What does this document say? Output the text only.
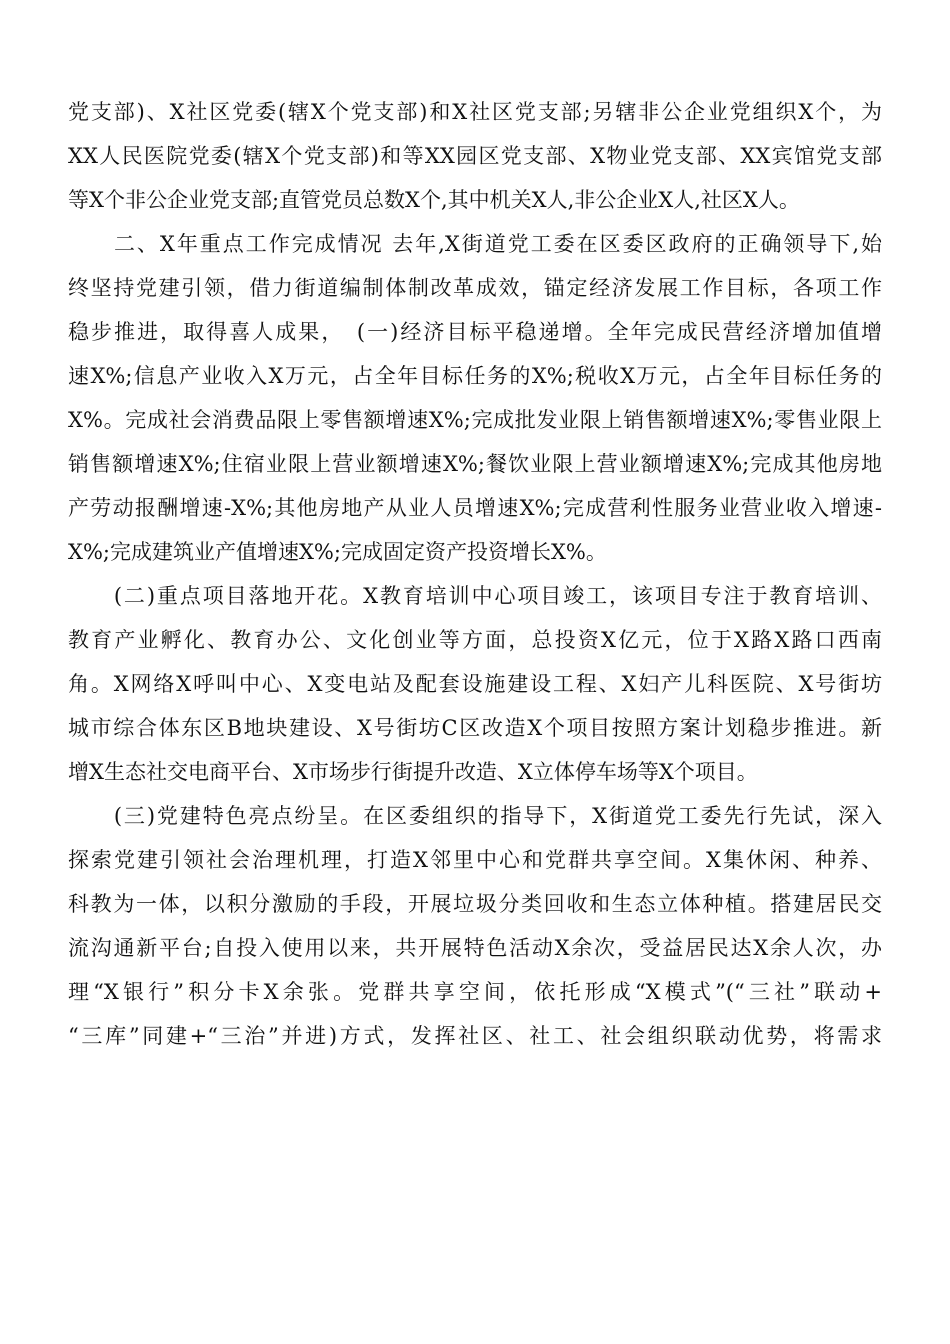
党支部)、X社区党委(辖X个党支部)和X社区党支部;另辖非公企业党组织X个，为
XX人民医院党委(辖X个党支部)和等XX园区党支部、X物业党支部、XX宾馆党支部
等X个非公企业党支部;直管党员总数X个,其中机关X人,非公企业X人,社区X人。
　　二、X年重点工作完成情况 去年,X街道党工委在区委区政府的正确领导下,始
终坚持党建引领，借力街道编制体制改革成效，锚定经济发展工作目标，各项工作
稳步推进，取得喜人成果，　(一)经济目标平稳递增。全年完成民营经济增加值增
速X%;信息产业收入X万元，占全年目标任务的X%;税收X万元，占全年目标任务的
X%。完成社会消费品限上零售额增速X%;完成批发业限上销售额增速X%;零售业限上
销售额增速X%;住宿业限上营业额增速X%;餐饮业限上营业额增速X%;完成其他房地
产劳动报酬增速-X%;其他房地产从业人员增速X%;完成营利性服务业营业收入增速-
X%;完成建筑业产值增速X%;完成固定资产投资增长X%。
　　(二)重点项目落地开花。X教育培训中心项目竣工，该项目专注于教育培训、
教育产业孵化、教育办公、文化创业等方面，总投资X亿元，位于X路X路口西南
角。X网络X呼叫中心、X变电站及配套设施建设工程、X妇产儿科医院、X号街坊
城市综合体东区B地块建设、X号街坊C区改造X个项目按照方案计划稳步推进。新
增X生态社交电商平台、X市场步行街提升改造、X立体停车场等X个项目。
　　(三)党建特色亮点纷呈。在区委组织的指导下，X街道党工委先行先试，深入
探索党建引领社会治理机理，打造X邻里中心和党群共享空间。X集休闲、种养、
科教为一体，以积分激励的手段，开展垃圾分类回收和生态立体种植。搭建居民交
流沟通新平台;自投入使用以来，共开展特色活动X余次，受益居民达X余人次，办
理“X银行”积分卡X余张。党群共享空间，依托形成“X模式”(“三社”联动+
“三库”同建+“三治”并进)方式，发挥社区、社工、社会组织联动优势，将需求
